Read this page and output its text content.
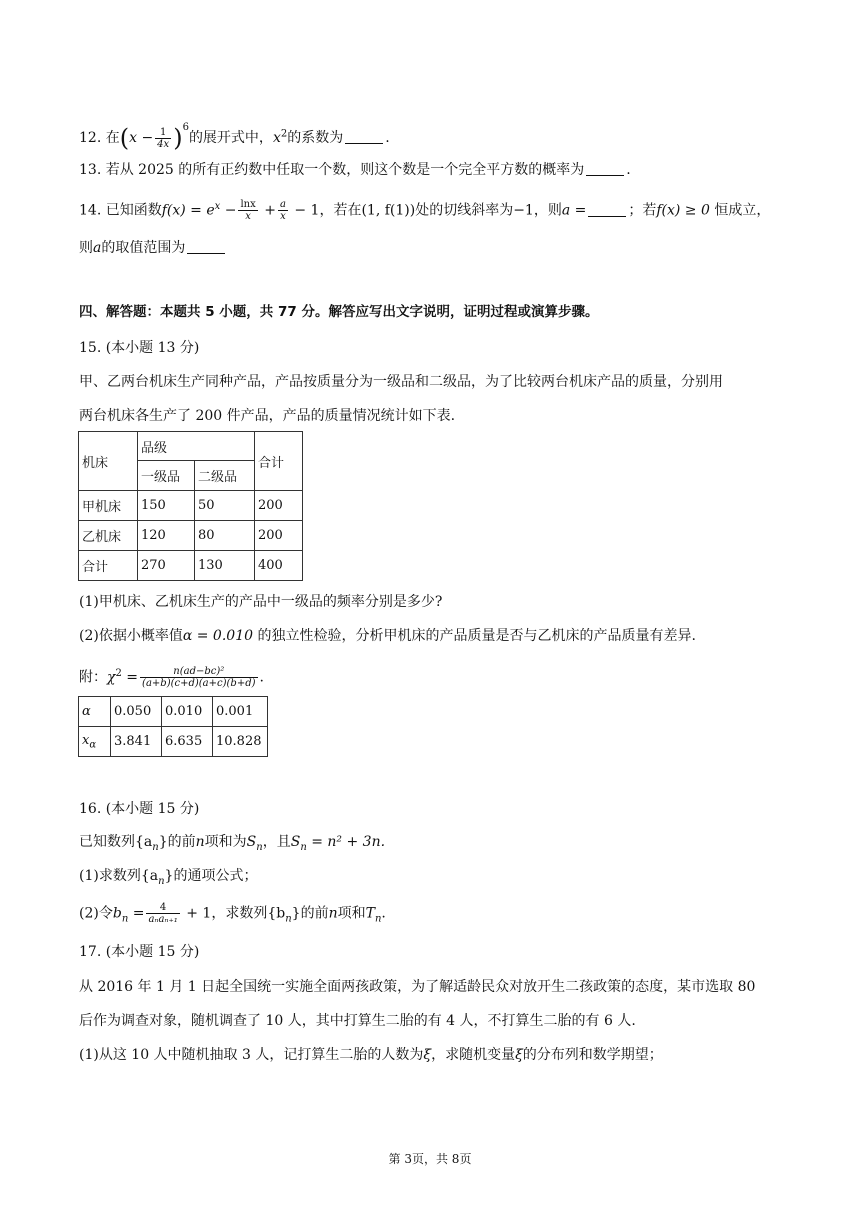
12. 在$(x - \frac{1}{4x} )^6$的展开式中，$x^2$的系数为	.
13. 若从 2025 的所有正约数中任取一个数，则这个数是一个完全平方数的概率为	.
14. 已知函数$f(x) = e^x - \frac{\ln x}{x} + \frac{a}{x} - 1$，若在(1, f(1))处的切线斜率为−1，则a =	；若f(x) ≥ 0 恒成立，
则a的取值范围为
四、解答题：本题共 5 小题，共 77 分。解答应写出文字说明，证明过程或演算步骤。
15. (本小题 13 分)
甲、乙两台机床生产同种产品，产品按质量分为一级品和二级品，为了比较两台机床产品的质量，分别用
两台机床各生产了 200 件产品，产品的质量情况统计如下表.
机床	品级		合计
	一级品	二级品	
甲机床	150	50	200
乙机床	120	80	200
合计	270	130	400
(1)甲机床、乙机床生产的产品中一级品的频率分别是多少?
(2)依据小概率值α = 0.010 的独立性检验，分析甲机床的产品质量是否与乙机床的产品质量有差异.
附：$\chi^2 = \frac{\text{n(ad−bc)²}}{(a+b)(c+d)(a+c)(b+d)}$ .
α	0.050	0.010	0.001
$x_\alpha$	3.841	6.635	10.828
16. (本小题 15 分)
已知数列$\{a_n\}$的前n项和为$S_n$，且$S_n = n^2 + 3n$.
(1)求数列$\{a_n\}$的通项公式；
(2)令$b_n = \frac{4}{\text{aₙaₙ₊₁}} + 1$，求数列$\{b_n\}$的前n项和$T_n$.
17. (本小题 15 分)
从 2016 年 1 月 1 日起全国统一实施全面两孩政策，为了解适龄民众对放开生二孩政策的态度，某市选取 80
后作为调查对象，随机调查了 10 人，其中打算生二胎的有 4 人，不打算生二胎的有 6 人.
(1)从这 10 人中随机抽取 3 人，记打算生二胎的人数为ξ，求随机变量ξ的分布列和数学期望；
第 3页，共 8页
